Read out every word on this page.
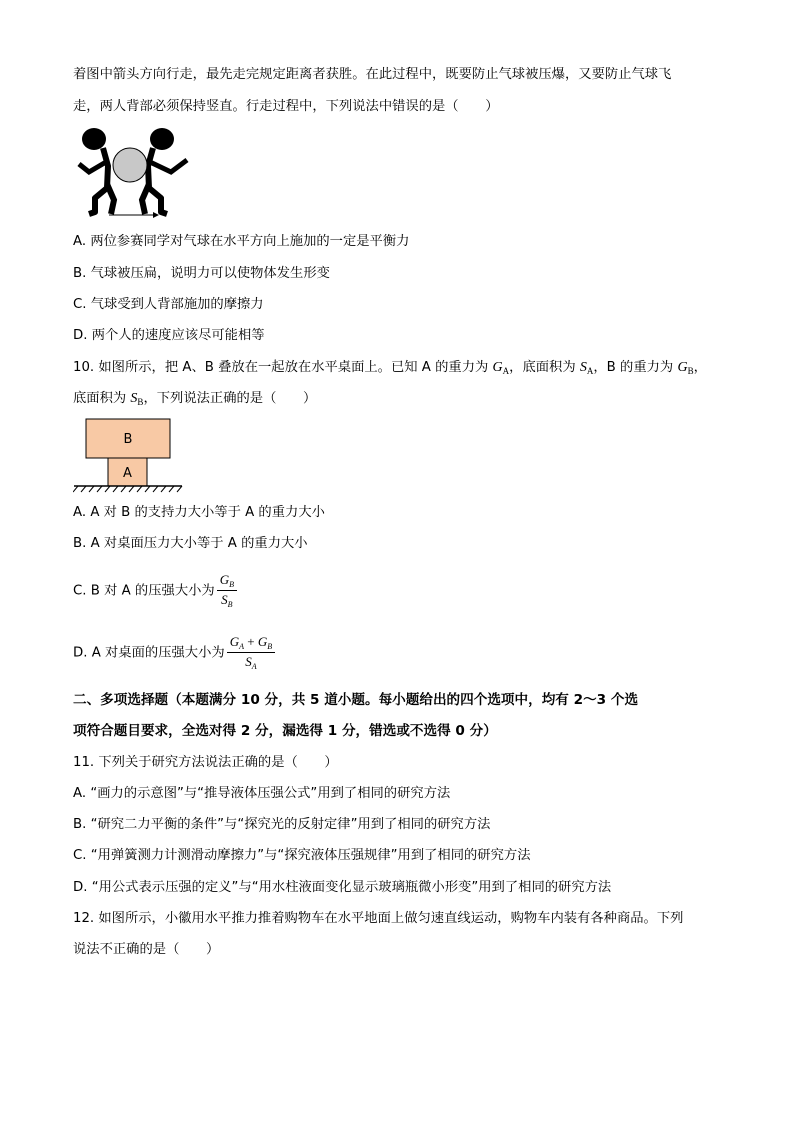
着图中箭头方向行走，最先走完规定距离者获胜。在此过程中，既要防止气球被压爆，又要防止气球飞
走，两人背部必须保持竖直。行走过程中，下列说法中错误的是（　　）
A. 两位参赛同学对气球在水平方向上施加的一定是平衡力
B. 气球被压扁，说明力可以使物体发生形变
C. 气球受到人背部施加的摩擦力
D. 两个人的速度应该尽可能相等
10. 如图所示，把 A、B 叠放在一起放在水平桌面上。已知 A 的重力为 $G_A$，底面积为 $S_A$，B 的重力为 $G_B$，
底面积为 $S_B$，下列说法正确的是（　　）
B
A
A. A 对 B 的支持力大小等于 A 的重力大小
B. A 对桌面压力大小等于 A 的重力大小
C. B 对 A 的压强大小为 $\frac{G_B}{S_B}$
D. A 对桌面的压强大小为 $\frac{G_A + G_B}{S_A}$
二、多项选择题（本题满分 10 分，共 5 道小题。每小题给出的四个选项中，均有 2～3 个选
项符合题目要求，全选对得 2 分，漏选得 1 分，错选或不选得 0 分）
11. 下列关于研究方法说法正确的是（　　）
A. “画力的示意图”与“推导液体压强公式”用到了相同的研究方法
B. “研究二力平衡的条件”与“探究光的反射定律”用到了相同的研究方法
C. “用弹簧测力计测滑动摩擦力”与“探究液体压强规律”用到了相同的研究方法
D. “用公式表示压强的定义”与“用水柱液面变化显示玻璃瓶微小形变”用到了相同的研究方法
12. 如图所示，小徽用水平推力推着购物车在水平地面上做匀速直线运动，购物车内装有各种商品。下列
说法不正确的是（　　）
